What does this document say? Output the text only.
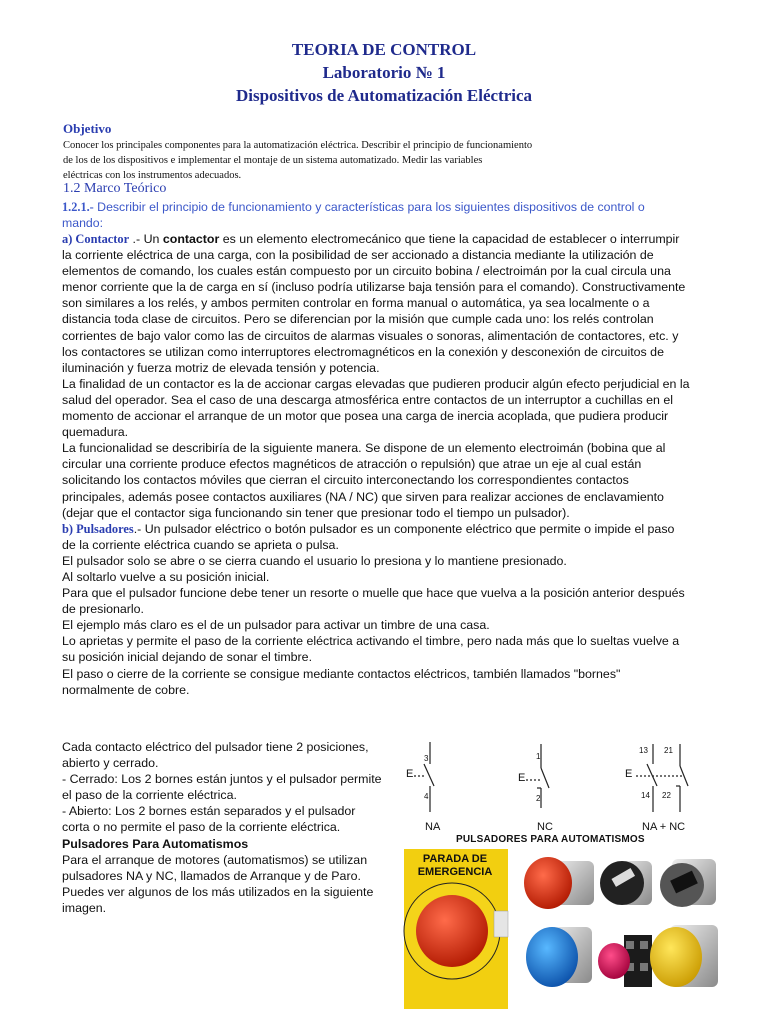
TEORIA DE CONTROL
Laboratorio № 1
Dispositivos de Automatización Eléctrica
Objetivo
Conocer los principales componentes para la automatización eléctrica. Describir el principio de funcionamiento
de los de los dispositivos e implementar el montaje de un sistema automatizado. Medir las variables
eléctricas con los instrumentos adecuados.
1.2 Marco Teórico
1.2.1.- Describir el principio de funcionamiento y características para los siguientes dispositivos de control o mando:

a) Contactor .- Un contactor es un elemento electromecánico que tiene la capacidad de establecer o interrumpir la corriente eléctrica de una carga, con la posibilidad de ser accionado a distancia mediante la utilización de elementos de comando, los cuales están compuesto por un circuito bobina / electroimán por la cual circula una menor corriente que la de carga en sí (incluso podría utilizarse baja tensión para el comando). Constructivamente son similares a los relés, y ambos permiten controlar en forma manual o automática, ya sea localmente o a distancia toda clase de circuitos. Pero se diferencian por la misión que cumple cada uno: los relés controlan corrientes de bajo valor como las de circuitos de alarmas visuales o sonoras, alimentación de contactores, etc. y los contactores se utilizan como interruptores electromagnéticos en la conexión y desconexión de circuitos de iluminación y fuerza motriz de elevada tensión y potencia.

La finalidad de un contactor es la de accionar cargas elevadas que pudieren producir algún efecto perjudicial en la salud del operador. Sea el caso de una descarga atmosférica entre contactos de un interruptor a cuchillas en el momento de accionar el arranque de un motor que posea una carga de inercia acoplada, que pudiera producir quemadura.

La funcionalidad se describiría de la siguiente manera. Se dispone de un elemento electroimán (bobina que al circular una corriente produce efectos magnéticos de atracción o repulsión) que atrae un eje al cual están solicitando los contactos móviles que cierran el circuito interconectando los correspondientes contactos principales, además posee contactos auxiliares (NA / NC) que sirven para realizar acciones de enclavamiento (dejar que el contactor siga funcionando sin tener que presionar todo el tiempo un pulsador).

b) Pulsadores.- Un pulsador eléctrico o botón pulsador es un componente eléctrico que permite o impide el paso de la corriente eléctrica cuando se aprieta o pulsa.

El pulsador solo se abre o se cierra cuando el usuario lo presiona y lo mantiene presionado.

Al soltarlo vuelve a su posición inicial.

Para que el pulsador funcione debe tener un resorte o muelle que hace que vuelva a la posición anterior después de presionarlo.

El ejemplo más claro es el de un pulsador para activar un timbre de una casa.

Lo aprietas y permite el paso de la corriente eléctrica activando el timbre, pero nada más que lo sueltas vuelve a su posición inicial dejando de sonar el timbre.

El paso o cierre de la corriente se consigue mediante contactos eléctricos, también llamados "bornes" normalmente de cobre.

Cada contacto eléctrico del pulsador tiene 2 posiciones, abierto y cerrado.

- Cerrado: Los 2 bornes están juntos y el pulsador permite el paso de la corriente eléctrica.

- Abierto: Los 2 bornes están separados y el pulsador corta o no permite el paso de la corriente eléctrica.

Pulsadores Para Automatismos

Para el arranque de motores (automatismos) se utilizan pulsadores NA y NC, llamados de Arranque y de Paro.

Puedes ver algunos de los más utilizados en la siguiente imagen.

E
3
4
NA
E
1
2
NC
E
13 21
14 22
NA + NC
PULSADORES PARA AUTOMATISMOS
PARADA DE EMERGENCIA
